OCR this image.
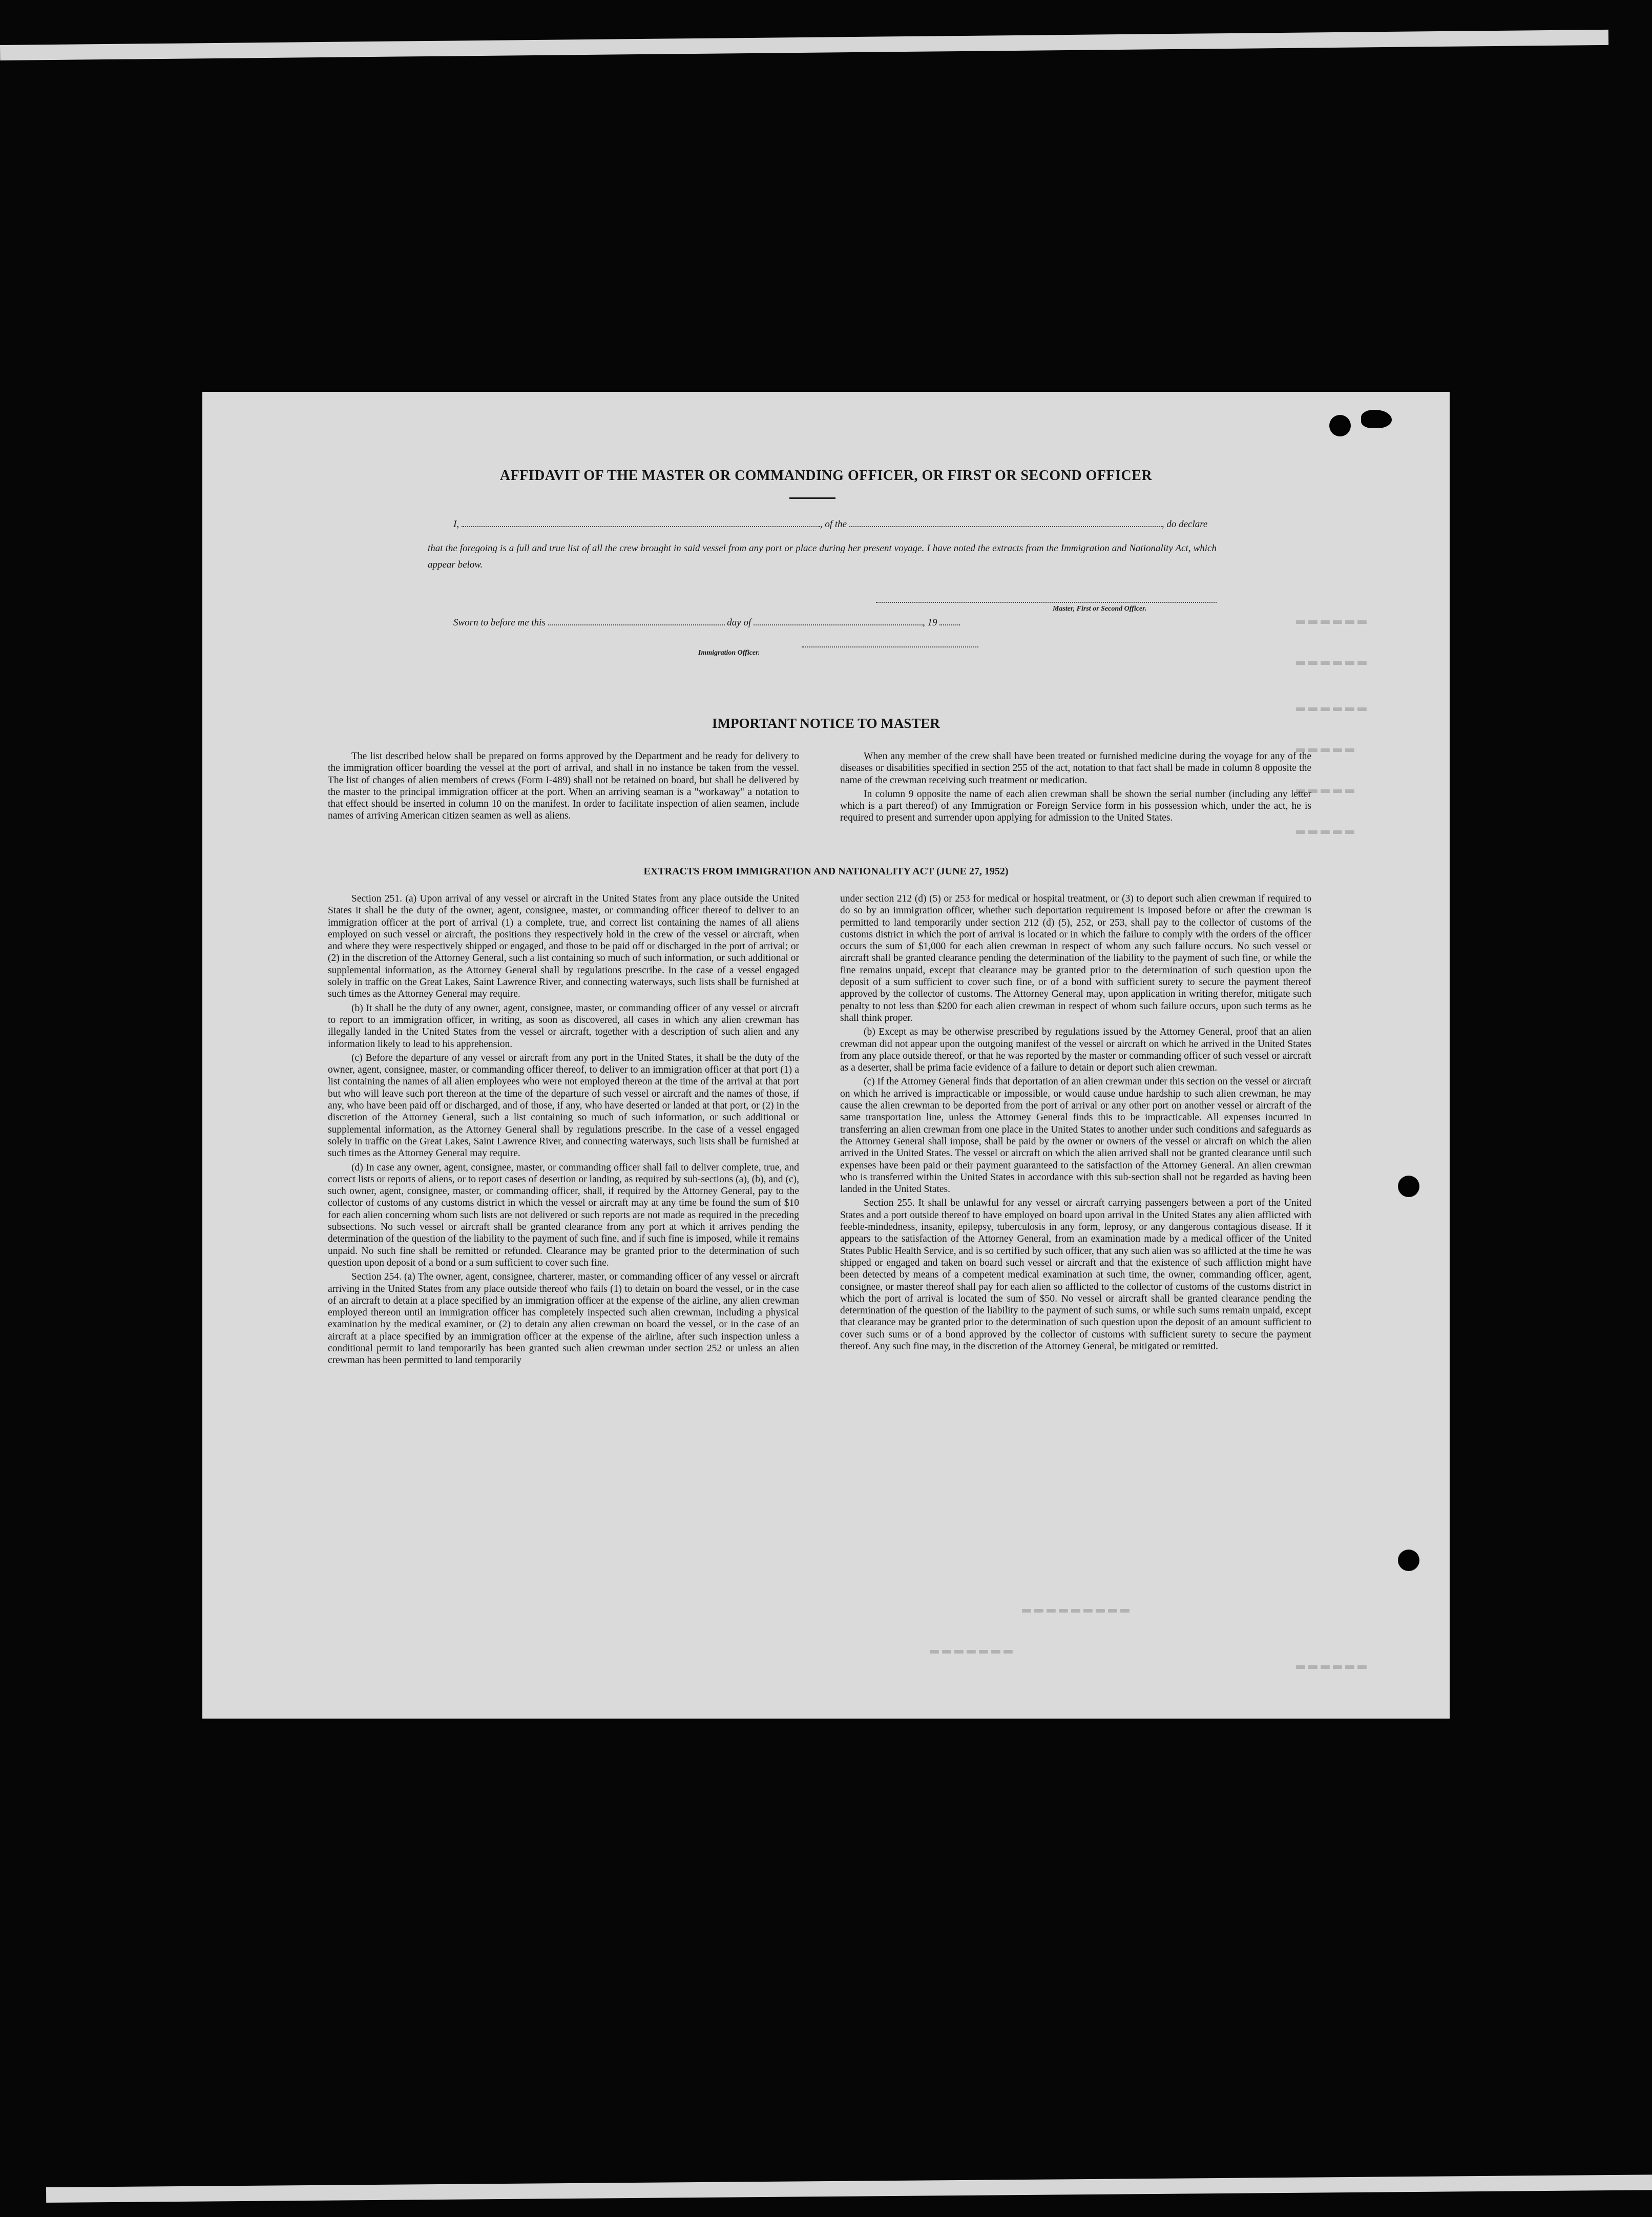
▬▬▬▬▬▬
▬▬▬▬▬▬
▬▬▬▬▬▬
▬▬▬▬▬
▬▬▬▬▬
▬▬▬▬▬
▬▬▬▬▬▬
▬▬▬▬▬▬▬
▬▬▬▬▬▬▬▬▬
AFFIDAVIT OF THE MASTER OR COMMANDING OFFICER, OR FIRST OR SECOND OFFICER
I,	, of the	, do declare
that the foregoing is a full and true list of all the crew brought in said vessel from any port or place during her present voyage. I have noted the extracts from the Immigration and Nationality Act, which appear below.
Master, First or Second Officer.
Sworn to before me this	day of	, 19
Immigration Officer.
IMPORTANT NOTICE TO MASTER

The list described below shall be prepared on forms approved by the Department and be ready for delivery to the immigration officer boarding the vessel at the port of arrival, and shall in no instance be taken from the vessel. The list of changes of alien members of crews (Form I-489) shall not be retained on board, but shall be delivered by the master to the principal immigration officer at the port. When an arriving seaman is a "workaway" a notation to that effect should be inserted in column 10 on the manifest. In order to facilitate inspection of alien seamen, include names of arriving American citizen seamen as well as aliens.

When any member of the crew shall have been treated or furnished medicine during the voyage for any of the diseases or disabilities specified in section 255 of the act, notation to that fact shall be made in column 8 opposite the name of the crewman receiving such treatment or medication.

In column 9 opposite the name of each alien crewman shall be shown the serial number (including any letter which is a part thereof) of any Immigration or Foreign Service form in his possession which, under the act, he is required to present and surrender upon applying for admission to the United States.

EXTRACTS FROM IMMIGRATION AND NATIONALITY ACT (JUNE 27, 1952)

Section 251. (a) Upon arrival of any vessel or aircraft in the United States from any place outside the United States it shall be the duty of the owner, agent, consignee, master, or commanding officer thereof to deliver to an immigration officer at the port of arrival (1) a complete, true, and correct list containing the names of all aliens employed on such vessel or aircraft, the positions they respectively hold in the crew of the vessel or aircraft, when and where they were respectively shipped or engaged, and those to be paid off or discharged in the port of arrival; or (2) in the discretion of the Attorney General, such a list containing so much of such information, or such additional or supplemental information, as the Attorney General shall by regulations prescribe. In the case of a vessel engaged solely in traffic on the Great Lakes, Saint Lawrence River, and connecting waterways, such lists shall be furnished at such times as the Attorney General may require.

(b) It shall be the duty of any owner, agent, consignee, master, or commanding officer of any vessel or aircraft to report to an immigration officer, in writing, as soon as discovered, all cases in which any alien crewman has illegally landed in the United States from the vessel or aircraft, together with a description of such alien and any information likely to lead to his apprehension.

(c) Before the departure of any vessel or aircraft from any port in the United States, it shall be the duty of the owner, agent, consignee, master, or commanding officer thereof, to deliver to an immigration officer at that port (1) a list containing the names of all alien employees who were not employed thereon at the time of the arrival at that port but who will leave such port thereon at the time of the departure of such vessel or aircraft and the names of those, if any, who have been paid off or discharged, and of those, if any, who have deserted or landed at that port, or (2) in the discretion of the Attorney General, such a list containing so much of such information, or such additional or supplemental information, as the Attorney General shall by regulations prescribe. In the case of a vessel engaged solely in traffic on the Great Lakes, Saint Lawrence River, and connecting waterways, such lists shall be furnished at such times as the Attorney General may require.

(d) In case any owner, agent, consignee, master, or commanding officer shall fail to deliver complete, true, and correct lists or reports of aliens, or to report cases of desertion or landing, as required by sub-sections (a), (b), and (c), such owner, agent, consignee, master, or commanding officer, shall, if required by the Attorney General, pay to the collector of customs of any customs district in which the vessel or aircraft may at any time be found the sum of $10 for each alien concerning whom such lists are not delivered or such reports are not made as required in the preceding subsections. No such vessel or aircraft shall be granted clearance from any port at which it arrives pending the determination of the question of the liability to the payment of such fine, and if such fine is imposed, while it remains unpaid. No such fine shall be remitted or refunded. Clearance may be granted prior to the determination of such question upon deposit of a bond or a sum sufficient to cover such fine.

Section 254. (a) The owner, agent, consignee, charterer, master, or commanding officer of any vessel or aircraft arriving in the United States from any place outside thereof who fails (1) to detain on board the vessel, or in the case of an aircraft to detain at a place specified by an immigration officer at the expense of the airline, any alien crewman employed thereon until an immigration officer has completely inspected such alien crewman, including a physical examination by the medical examiner, or (2) to detain any alien crewman on board the vessel, or in the case of an aircraft at a place specified by an immigration officer at the expense of the airline, after such inspection unless a conditional permit to land temporarily has been granted such alien crewman under section 252 or unless an alien crewman has been permitted to land temporarily

under section 212 (d) (5) or 253 for medical or hospital treatment, or (3) to deport such alien crewman if required to do so by an immigration officer, whether such deportation requirement is imposed before or after the crewman is permitted to land temporarily under section 212 (d) (5), 252, or 253, shall pay to the collector of customs of the customs district in which the port of arrival is located or in which the failure to comply with the orders of the officer occurs the sum of $1,000 for each alien crewman in respect of whom any such failure occurs. No such vessel or aircraft shall be granted clearance pending the determination of the liability to the payment of such fine, or while the fine remains unpaid, except that clearance may be granted prior to the determination of such question upon the deposit of a sum sufficient to cover such fine, or of a bond with sufficient surety to secure the payment thereof approved by the collector of customs. The Attorney General may, upon application in writing therefor, mitigate such penalty to not less than $200 for each alien crewman in respect of whom such failure occurs, upon such terms as he shall think proper.

(b) Except as may be otherwise prescribed by regulations issued by the Attorney General, proof that an alien crewman did not appear upon the outgoing manifest of the vessel or aircraft on which he arrived in the United States from any place outside thereof, or that he was reported by the master or commanding officer of such vessel or aircraft as a deserter, shall be prima facie evidence of a failure to detain or deport such alien crewman.

(c) If the Attorney General finds that deportation of an alien crewman under this section on the vessel or aircraft on which he arrived is impracticable or impossible, or would cause undue hardship to such alien crewman, he may cause the alien crewman to be deported from the port of arrival or any other port on another vessel or aircraft of the same transportation line, unless the Attorney General finds this to be impracticable. All expenses incurred in transferring an alien crewman from one place in the United States to another under such conditions and safeguards as the Attorney General shall impose, shall be paid by the owner or owners of the vessel or aircraft on which the alien arrived in the United States. The vessel or aircraft on which the alien arrived shall not be granted clearance until such expenses have been paid or their payment guaranteed to the satisfaction of the Attorney General. An alien crewman who is transferred within the United States in accordance with this sub-section shall not be regarded as having been landed in the United States.

Section 255. It shall be unlawful for any vessel or aircraft carrying passengers between a port of the United States and a port outside thereof to have employed on board upon arrival in the United States any alien afflicted with feeble-mindedness, insanity, epilepsy, tuberculosis in any form, leprosy, or any dangerous contagious disease. If it appears to the satisfaction of the Attorney General, from an examination made by a medical officer of the United States Public Health Service, and is so certified by such officer, that any such alien was so afflicted at the time he was shipped or engaged and taken on board such vessel or aircraft and that the existence of such affliction might have been detected by means of a competent medical examination at such time, the owner, commanding officer, agent, consignee, or master thereof shall pay for each alien so afflicted to the collector of customs of the customs district in which the port of arrival is located the sum of $50. No vessel or aircraft shall be granted clearance pending the determination of the question of the liability to the payment of such sums, or while such sums remain unpaid, except that clearance may be granted prior to the determination of such question upon the deposit of an amount sufficient to cover such sums or of a bond approved by the collector of customs with sufficient surety to secure the payment thereof. Any such fine may, in the discretion of the Attorney General, be mitigated or remitted.
